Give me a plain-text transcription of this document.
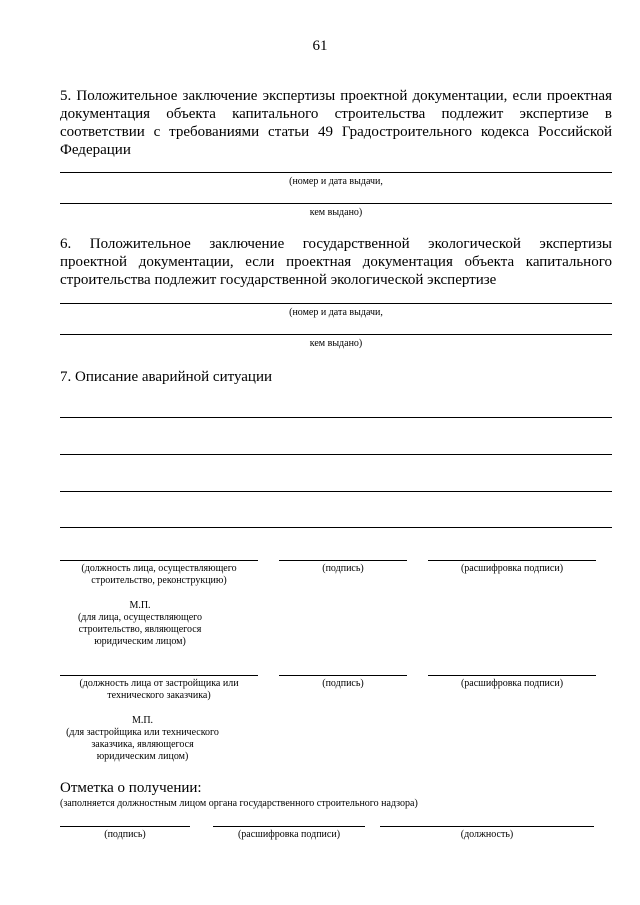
61
5. Положительное заключение экспертизы проектной документации, если проектная
документация объекта капитального строительства подлежит экспертизе в
соответствии с требованиями статьи 49 Градостроительного кодекса Российской
Федерации
(номер и дата выдачи,
кем выдано)
6. Положительное заключение государственной экологической экспертизы
проектной документации, если проектная документация объекта капитального
строительства подлежит государственной экологической экспертизе
(номер и дата выдачи,
кем выдано)
7. Описание аварийной ситуации
(должность лица, осуществляющего
строительство, реконструкцию)
(подпись)	(расшифровка подписи)
М.П.
(для лица, осуществляющего
строительство, являющегося
юридическим лицом)
(должность лица от застройщика или
технического заказчика)
(подпись)	(расшифровка подписи)
М.П.
(для застройщика или технического
заказчика, являющегося
юридическим лицом)
Отметка о получении:
(заполняется должностным лицом органа государственного строительного надзора)
(подпись)	(расшифровка подписи)	(должность)
